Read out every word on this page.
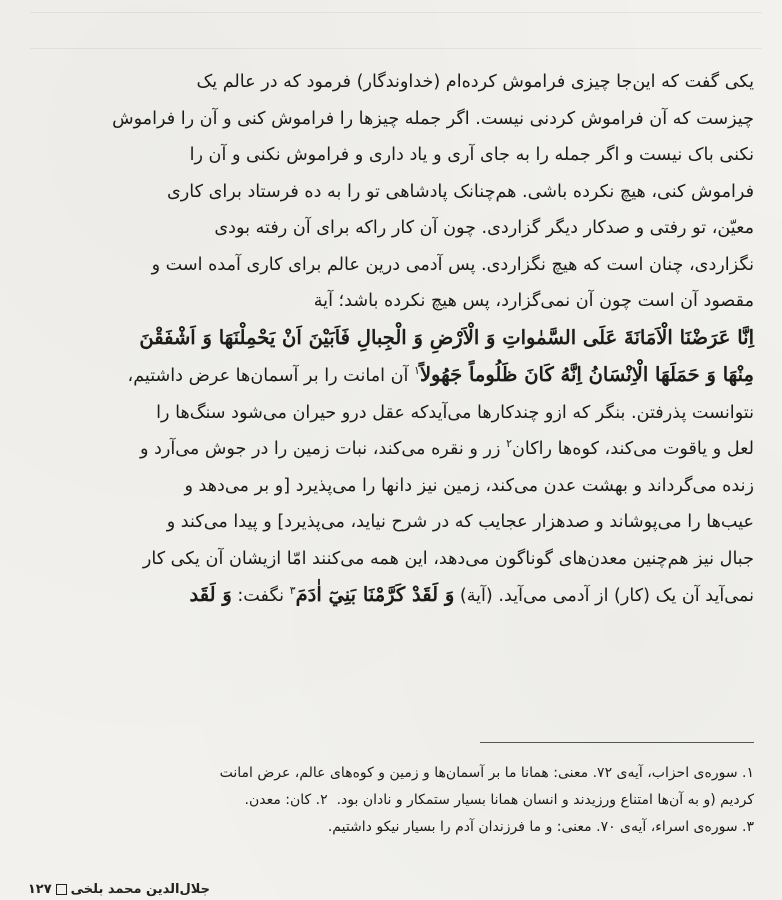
یکی گفت که این‌جا چیزی فراموش کرده‌ام (خداوندگار) فرمود که در عالم یک

چیزست که آن فراموش کردنی نیست. اگر جمله چیزها را فراموش کنی و آن را فراموش

نکنی باک نیست و اگر جمله را به جای آری و یاد داری و فراموش نکنی و آن را

فراموش کنی، هیچ نکرده باشی. هم‌چنانک پادشاهی تو را به ده فرستاد برای کاری

معیّن، تو رفتی و صدکار دیگر گزاردی. چون آن کار راکه برای آن رفته بودی

نگزاردی، چنان است که هیچ نگزاردی. پس آدمی درین عالم برای کاری آمده است و

مقصود آن است چون آن نمی‌گزارد، پس هیچ نکرده باشد؛ آیة

اِنَّا عَرَضْنَا الْاَمَانَةَ عَلَى السَّمٰواتِ وَ الْاَرْضِ وَ الْجِبالِ فَاَبَيْنَ اَنْ يَحْمِلْنَهَا وَ اَشْفَقْنَ

مِنْهَا وَ حَمَلَهَا الْاِنْسَانُ اِنَّهُ كَانَ ظَلُوماً جَهُولاً$^۱$ آن امانت را بر آسمان‌ها عرض داشتیم،

نتوانست پذرفتن. بنگر که ازو چندکارها می‌آیدکه عقل درو حیران می‌شود سنگ‌ها را

لعل و یاقوت می‌کند، کوه‌ها راکان$^۲$ زر و نقره می‌کند، نبات زمین را در جوش می‌آرد و

زنده می‌گرداند و بهشت عدن می‌کند، زمین نیز دانها را می‌پذیرد [و بر می‌دهد و

عیب‌ها را می‌پوشاند و صدهزار عجایب که در شرح نیاید، می‌پذیرد] و پیدا می‌کند و

جبال نیز هم‌چنین معدن‌های گوناگون می‌دهد، این همه می‌کنند امّا ازیشان آن یکی کار

نمی‌آید آن یک (کار) از آدمی می‌آید. (آیة) وَ لَقَدْ كَرَّمْنَا بَنِيٓ اٰدَمَ$^۳$ نگفت: وَ لَقَد

۱. سوره‌ی احزاب، آیه‌ی ۷۲. معنی: همانا ما بر آسمان‌ها و زمین و کوه‌های عالم، عرض امانت

کردیم (و به آن‌ها امتناع ورزیدند و انسان همانا بسیار ستمکار و نادان بود.  ۲. کان: معدن.

۳. سوره‌ی اسراء، آیه‌ی ۷۰. معنی: و ما فرزندان آدم را بسیار نیکو داشتیم.

جلال‌الدین محمد بلخی۱۲۷
